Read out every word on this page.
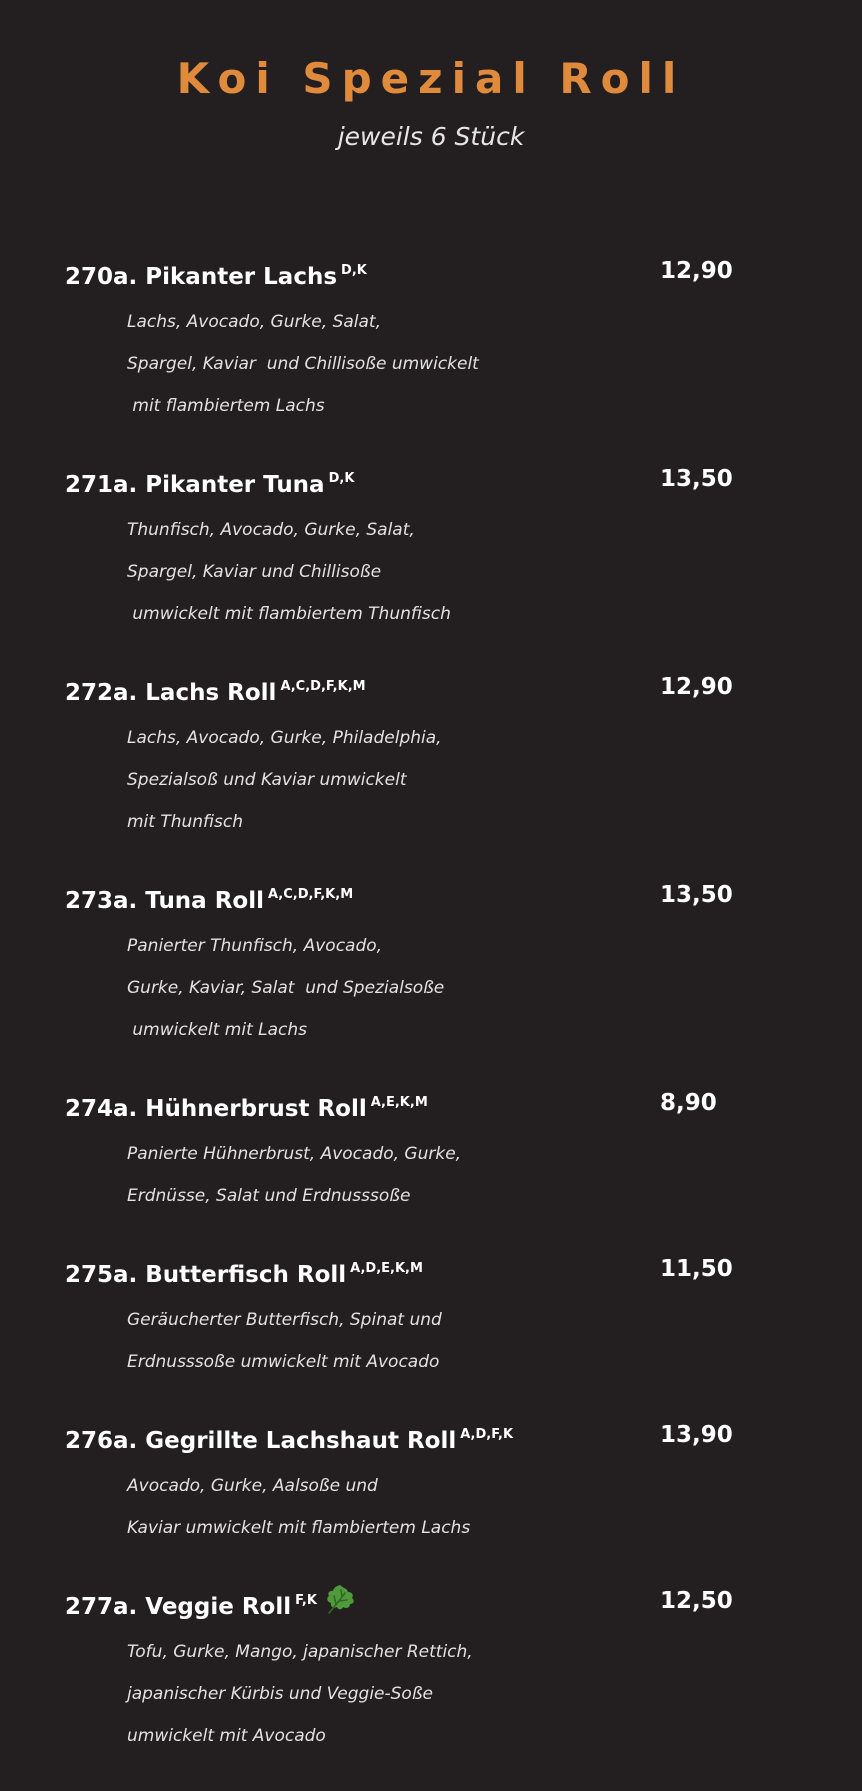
Koi Spezial Roll
jeweils 6 Stück
270a. Pikanter Lachs $^{D,K}$	12,90
Lachs, Avocado, Gurke, Salat,
Spargel, Kaviar  und Chillisoße umwickelt
mit flambiertem Lachs
271a. Pikanter Tuna $^{D,K}$	13,50
Thunfisch, Avocado, Gurke, Salat,
Spargel, Kaviar und Chillisoße
umwickelt mit flambiertem Thunfisch
272a. Lachs Roll $^{A,C,D,F,K,M}$	12,90
Lachs, Avocado, Gurke, Philadelphia,
Spezialsoß und Kaviar umwickelt
mit Thunfisch
273a. Tuna Roll $^{A,C,D,F,K,M}$	13,50
Panierter Thunfisch, Avocado,
Gurke, Kaviar, Salat  und Spezialsoße
umwickelt mit Lachs
274a. Hühnerbrust Roll $^{A,E,K,M}$	8,90
Panierte Hühnerbrust, Avocado, Gurke,
Erdnüsse, Salat und Erdnusssoße
275a. Butterfisch Roll $^{A,D,E,K,M}$	11,50
Geräucherter Butterfisch, Spinat und
Erdnusssoße umwickelt mit Avocado
276a. Gegrillte Lachshaut Roll $^{A,D,F,K}$	13,90
Avocado, Gurke, Aalsoße und
Kaviar umwickelt mit flambiertem Lachs
277a. Veggie Roll $^{F,K}$	12,50
Tofu, Gurke, Mango, japanischer Rettich,
japanischer Kürbis und Veggie-Soße
umwickelt mit Avocado
